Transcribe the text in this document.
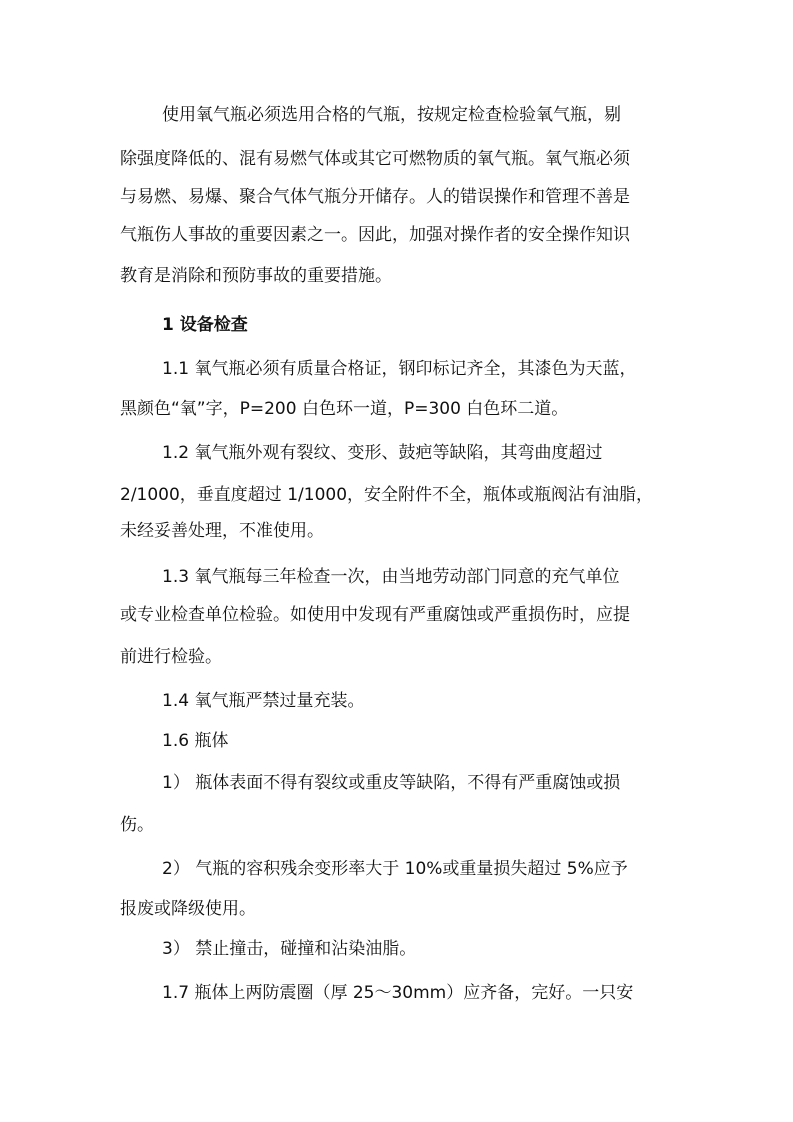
使用氧气瓶必须选用合格的气瓶，按规定检查检验氧气瓶，剔
除强度降低的、混有易燃气体或其它可燃物质的氧气瓶。氧气瓶必须
与易燃、易爆、聚合气体气瓶分开储存。人的错误操作和管理不善是
气瓶伤人事故的重要因素之一。因此，加强对操作者的安全操作知识
教育是消除和预防事故的重要措施。
1 设备检查
1.1 氧气瓶必须有质量合格证，钢印标记齐全，其漆色为天蓝，
黑颜色“氧”字，P=200 白色环一道，P=300 白色环二道。
1.2 氧气瓶外观有裂纹、变形、鼓疤等缺陷，其弯曲度超过
2/1000，垂直度超过 1/1000，安全附件不全，瓶体或瓶阀沾有油脂，
未经妥善处理，不准使用。
1.3 氧气瓶每三年检查一次，由当地劳动部门同意的充气单位
或专业检查单位检验。如使用中发现有严重腐蚀或严重损伤时，应提
前进行检验。
1.4 氧气瓶严禁过量充装。
1.6 瓶体
1） 瓶体表面不得有裂纹或重皮等缺陷，不得有严重腐蚀或损
伤。
2） 气瓶的容积残余变形率大于 10%或重量损失超过 5%应予
报废或降级使用。
3） 禁止撞击，碰撞和沾染油脂。
1.7 瓶体上两防震圈（厚 25～30mm）应齐备，完好。一只安
